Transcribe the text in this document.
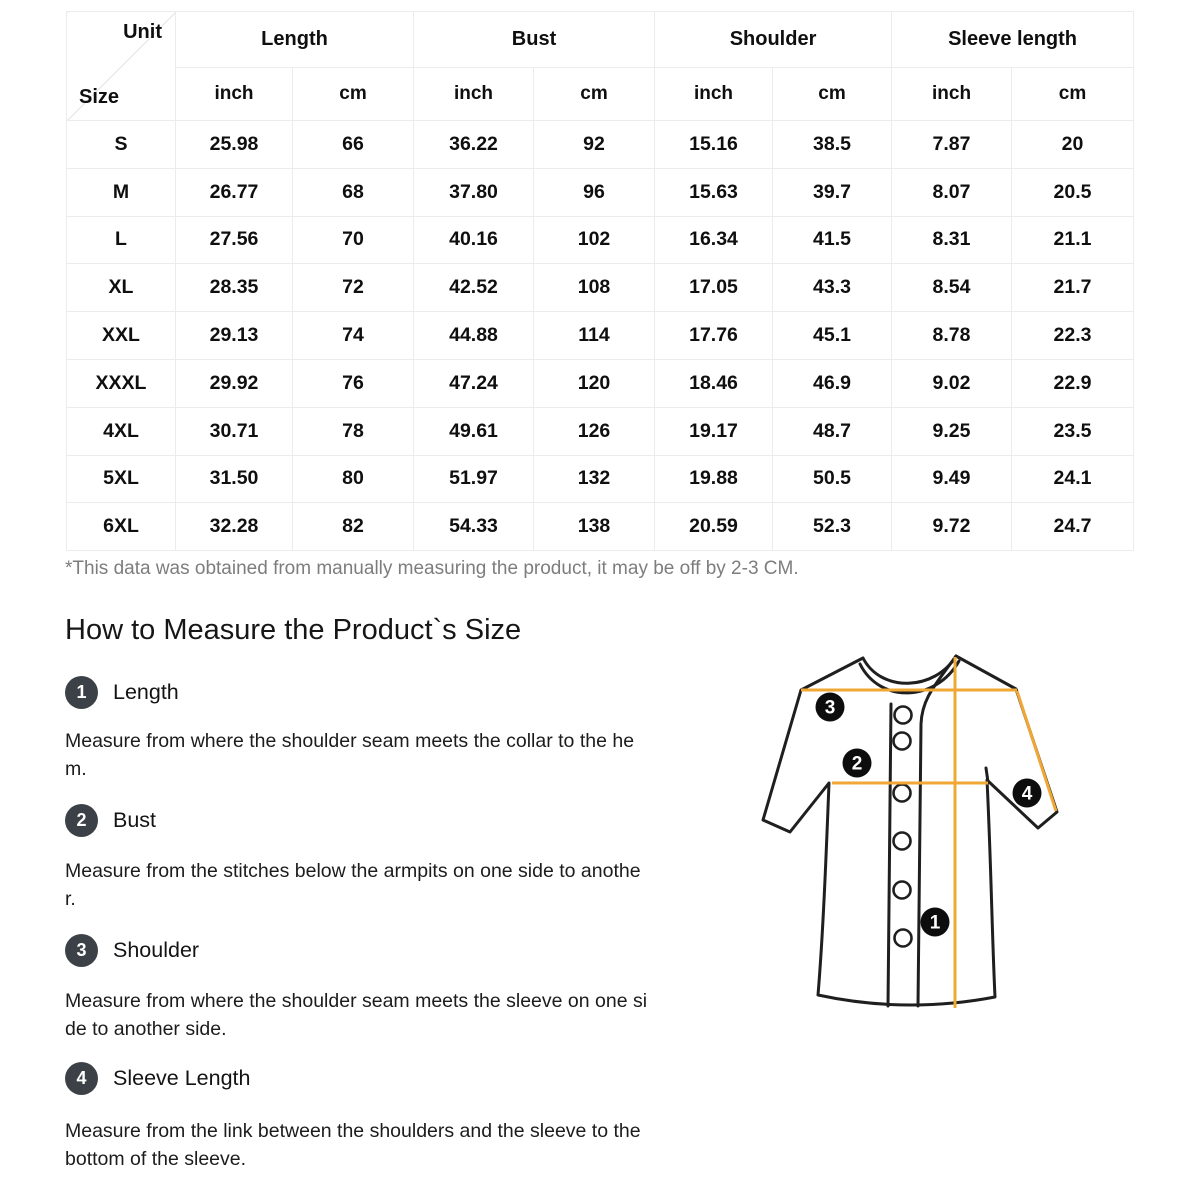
Unit
Size	Length		Bust		Shoulder		Sleeve length	
	inch	cm	inch	cm	inch	cm	inch	cm
S	25.98	66	36.22	92	15.16	38.5	7.87	20
M	26.77	68	37.80	96	15.63	39.7	8.07	20.5
L	27.56	70	40.16	102	16.34	41.5	8.31	21.1
XL	28.35	72	42.52	108	17.05	43.3	8.54	21.7
XXL	29.13	74	44.88	114	17.76	45.1	8.78	22.3
XXXL	29.92	76	47.24	120	18.46	46.9	9.02	22.9
4XL	30.71	78	49.61	126	19.17	48.7	9.25	23.5
5XL	31.50	80	51.97	132	19.88	50.5	9.49	24.1
6XL	32.28	82	54.33	138	20.59	52.3	9.72	24.7
*This data was obtained from manually measuring the product, it may be off by 2-3 CM.
How to Measure the Product`s Size
1	Length

Measure from where the shoulder seam meets the collar to the hem.

2	Bust

Measure from the stitches below the armpits on one side to another.

3	Shoulder

Measure from where the shoulder seam meets the sleeve on one side to another side.

4	Sleeve Length

Measure from the link between the shoulders and the sleeve to the bottom of the sleeve.

3
2
4
1
